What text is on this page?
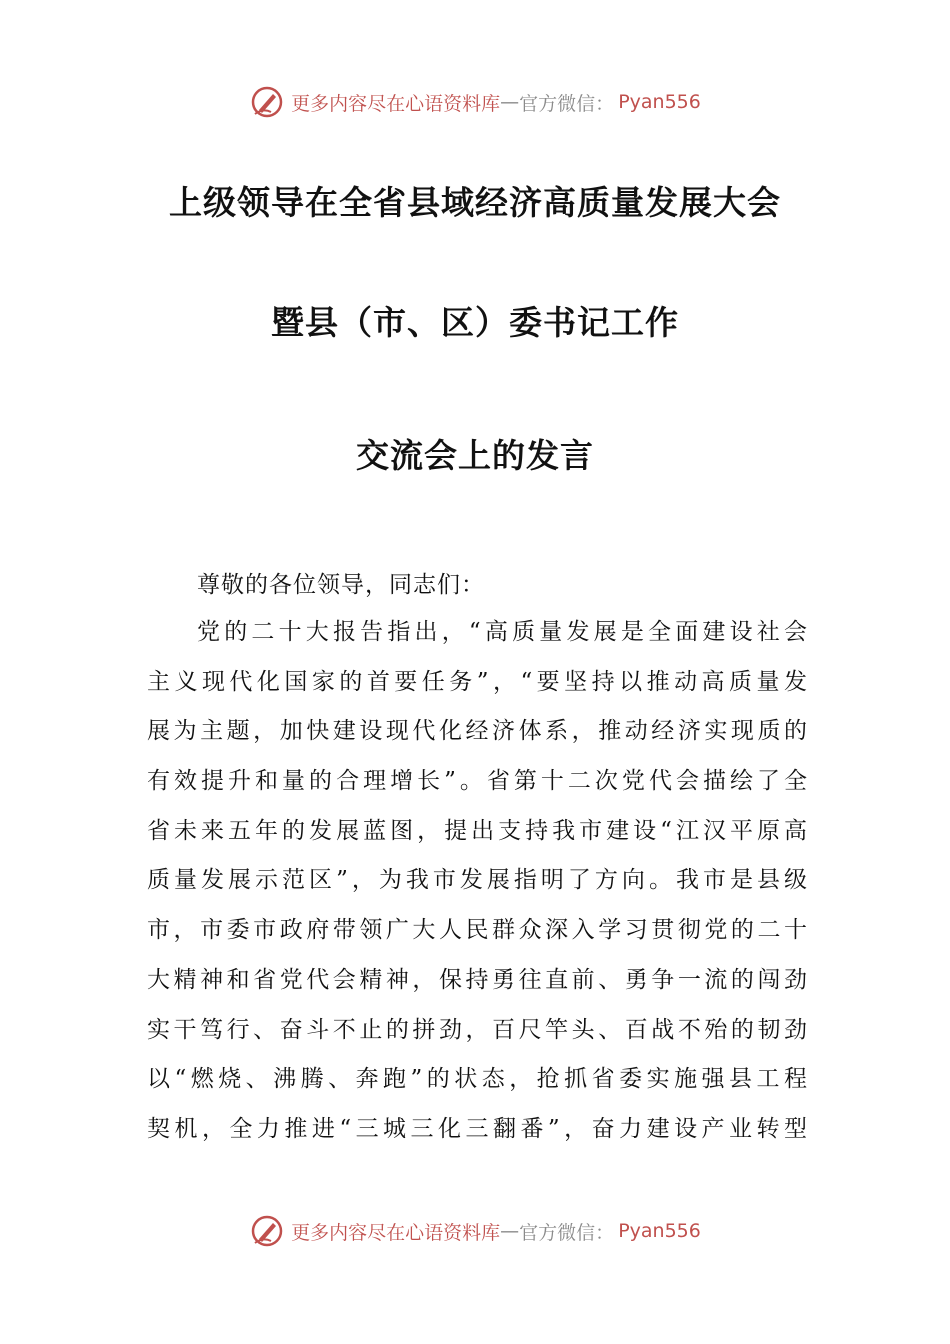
更多内容尽在心语资料库 — 官方微信： Pyan556
上级领导在全省县域经济高质量发展大会
暨县（市、区）委书记工作
交流会上的发言
尊敬的各位领导，同志们：
党的二十大报告指出，“高质量发展是全面建设社会
主义现代化国家的首要任务”，“要坚持以推动高质量发
展为主题，加快建设现代化经济体系，推动经济实现质的
有效提升和量的合理增长”。省第十二次党代会描绘了全
省未来五年的发展蓝图，提出支持我市建设“江汉平原高
质量发展示范区”，为我市发展指明了方向。我市是县级
市，市委市政府带领广大人民群众深入学习贯彻党的二十
大精神和省党代会精神，保持勇往直前、勇争一流的闯劲
实干笃行、奋斗不止的拼劲，百尺竿头、百战不殆的韧劲
以“燃烧、沸腾、奔跑”的状态，抢抓省委实施强县工程
契机，全力推进“三城三化三翻番”，奋力建设产业转型
更多内容尽在心语资料库 — 官方微信： Pyan556
